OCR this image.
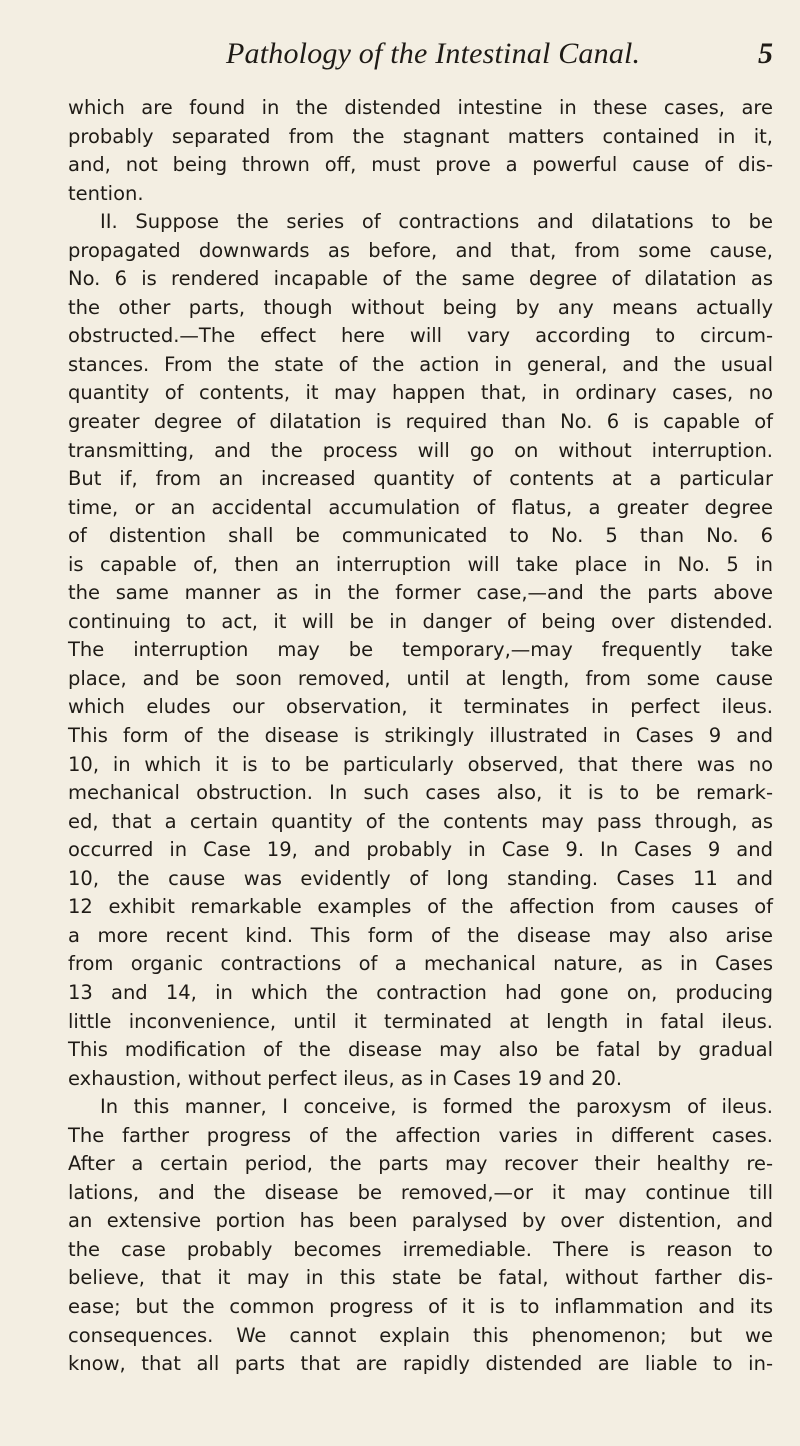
Pathology of the Intestinal Canal.	5
which are found in the distended intestine in these cases, are
probably separated from the stagnant matters contained in it,
and, not being thrown off, must prove a powerful cause of dis-
tention.
II. Suppose the series of contractions and dilatations to be
propagated downwards as before, and that, from some cause,
No. 6 is rendered incapable of the same degree of dilatation as
the other parts, though without being by any means actually
obstructed.—The effect here will vary according to circum-
stances. From the state of the action in general, and the usual
quantity of contents, it may happen that, in ordinary cases, no
greater degree of dilatation is required than No. 6 is capable of
transmitting, and the process will go on without interruption.
But if, from an increased quantity of contents at a particular
time, or an accidental accumulation of flatus, a greater degree
of distention shall be communicated to No. 5 than No. 6
is capable of, then an interruption will take place in No. 5 in
the same manner as in the former case,—and the parts above
continuing to act, it will be in danger of being over distended.
The interruption may be temporary,—may frequently take
place, and be soon removed, until at length, from some cause
which eludes our observation, it terminates in perfect ileus.
This form of the disease is strikingly illustrated in Cases 9 and
10, in which it is to be particularly observed, that there was no
mechanical obstruction. In such cases also, it is to be remark-
ed, that a certain quantity of the contents may pass through, as
occurred in Case 19, and probably in Case 9. In Cases 9 and
10, the cause was evidently of long standing. Cases 11 and
12 exhibit remarkable examples of the affection from causes of
a more recent kind. This form of the disease may also arise
from organic contractions of a mechanical nature, as in Cases
13 and 14, in which the contraction had gone on, producing
little inconvenience, until it terminated at length in fatal ileus.
This modification of the disease may also be fatal by gradual
exhaustion, without perfect ileus, as in Cases 19 and 20.
In this manner, I conceive, is formed the paroxysm of ileus.
The farther progress of the affection varies in different cases.
After a certain period, the parts may recover their healthy re-
lations, and the disease be removed,—or it may continue till
an extensive portion has been paralysed by over distention, and
the case probably becomes irremediable. There is reason to
believe, that it may in this state be fatal, without farther dis-
ease; but the common progress of it is to inflammation and its
consequences. We cannot explain this phenomenon; but we
know, that all parts that are rapidly distended are liable to in-
